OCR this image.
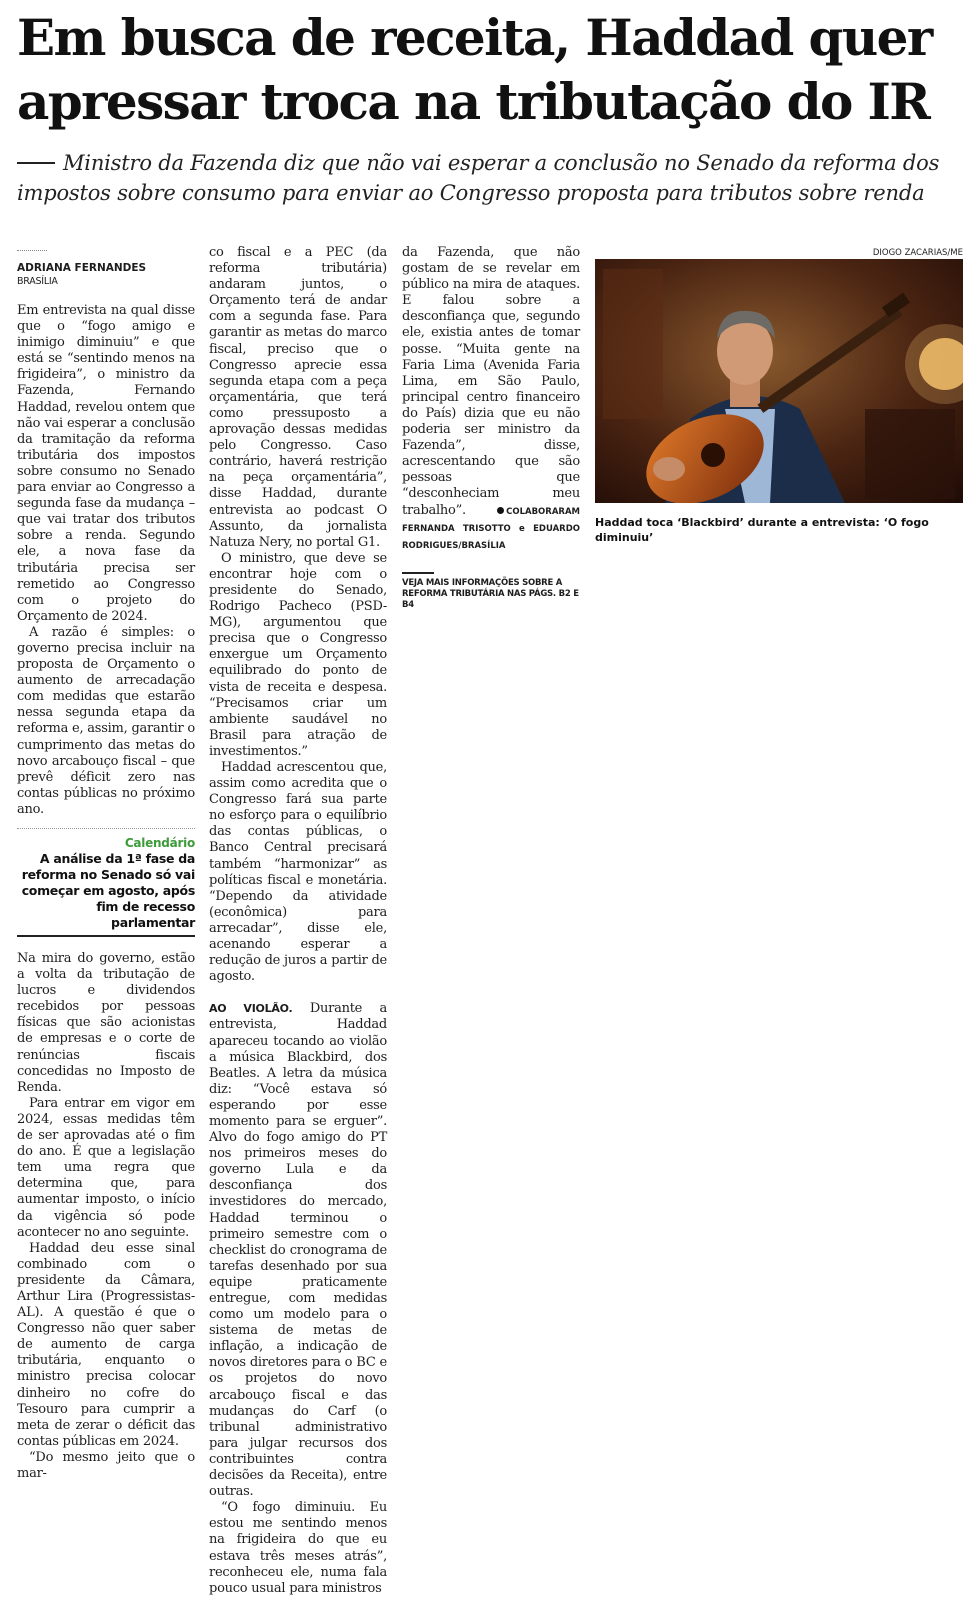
Em busca de receita, Haddad quer apressar troca na tributação do IR

Ministro da Fazenda diz que não vai esperar a conclusão no Senado da reforma dos impostos sobre consumo para enviar ao Congresso proposta para tributos sobre renda

ADRIANA FERNANDES
BRASÍLIA

Em entrevista na qual disse que o “fogo amigo e inimigo diminuiu” e que está se “sentindo menos na frigideira”, o ministro da Fazenda, Fernando Haddad, revelou ontem que não vai esperar a conclusão da tramitação da reforma tributária dos impostos sobre consumo no Senado para enviar ao Congresso a segunda fase da mudança – que vai tratar dos tributos sobre a renda. Segundo ele, a nova fase da tributária precisa ser remetido ao Congresso com o projeto do Orçamento de 2024.

A razão é simples: o governo precisa incluir na proposta de Orçamento o aumento de arrecadação com medidas que estarão nessa segunda etapa da reforma e, assim, garantir o cumprimento das metas do novo arcabouço fiscal – que prevê déficit zero nas contas públicas no próximo ano.

Calendário
A análise da 1ª fase da reforma no Senado só vai começar em agosto, após fim de recesso parlamentar

Na mira do governo, estão a volta da tributação de lucros e dividendos recebidos por pessoas físicas que são acionistas de empresas e o corte de renúncias fiscais concedidas no Imposto de Renda.

Para entrar em vigor em 2024, essas medidas têm de ser aprovadas até o fim do ano. É que a legislação tem uma regra que determina que, para aumentar imposto, o início da vigência só pode acontecer no ano seguinte.

Haddad deu esse sinal combinado com o presidente da Câmara, Arthur Lira (Progressistas-AL). A questão é que o Congresso não quer saber de aumento de carga tributária, enquanto o ministro precisa colocar dinheiro no cofre do Tesouro para cumprir a meta de zerar o déficit das contas públicas em 2024.

“Do mesmo jeito que o mar-

co fiscal e a PEC (da reforma tributária) andaram juntos, o Orçamento terá de andar com a segunda fase. Para garantir as metas do marco fiscal, preciso que o Congresso aprecie essa segunda etapa com a peça orçamentária, que terá como pressuposto a aprovação dessas medidas pelo Congresso. Caso contrário, haverá restrição na peça orçamentária”, disse Haddad, durante entrevista ao podcast O Assunto, da jornalista Natuza Nery, no portal G1.

O ministro, que deve se encontrar hoje com o presidente do Senado, Rodrigo Pacheco (PSD-MG), argumentou que precisa que o Congresso enxergue um Orçamento equilibrado do ponto de vista de receita e despesa. “Precisamos criar um ambiente saudável no Brasil para atração de investimentos.”

Haddad acrescentou que, assim como acredita que o Congresso fará sua parte no esforço para o equilíbrio das contas públicas, o Banco Central precisará também “harmonizar” as políticas fiscal e monetária. “Dependo da atividade (econômica) para arrecadar”, disse ele, acenando esperar a redução de juros a partir de agosto.

AO VIOLÃO. Durante a entrevista, Haddad apareceu tocando ao violão a música Blackbird, dos Beatles. A letra da música diz: “Você estava só esperando por esse momento para se erguer”. Alvo do fogo amigo do PT nos primeiros meses do governo Lula e da desconfiança dos investidores do mercado, Haddad terminou o primeiro semestre com o checklist do cronograma de tarefas desenhado por sua equipe praticamente entregue, com medidas como um modelo para o sistema de metas de inflação, a indicação de novos diretores para o BC e os projetos do novo arcabouço fiscal e das mudanças do Carf (o tribunal administrativo para julgar recursos dos contribuintes contra decisões da Receita), entre outras.

“O fogo diminuiu. Eu estou me sentindo menos na frigideira do que eu estava três meses atrás”, reconheceu ele, numa fala pouco usual para ministros

da Fazenda, que não gostam de se revelar em público na mira de ataques. E falou sobre a desconfiança que, segundo ele, existia antes de tomar posse. “Muita gente na Faria Lima (Avenida Faria Lima, em São Paulo, principal centro financeiro do País) dizia que eu não poderia ser ministro da Fazenda”, disse, acrescentando que são pessoas que “desconheciam meu trabalho”.	COLABORARAM FERNANDA TRISOTTO e EDUARDO RODRIGUES/BRASÍLIA

VEJA MAIS INFORMAÇÕES SOBRE A REFORMA TRIBUTÁRIA NAS PÁGS. B2 E B4
DIOGO ZACARIAS/ME
Haddad toca ‘Blackbird’ durante a entrevista: ‘O fogo diminuiu’
